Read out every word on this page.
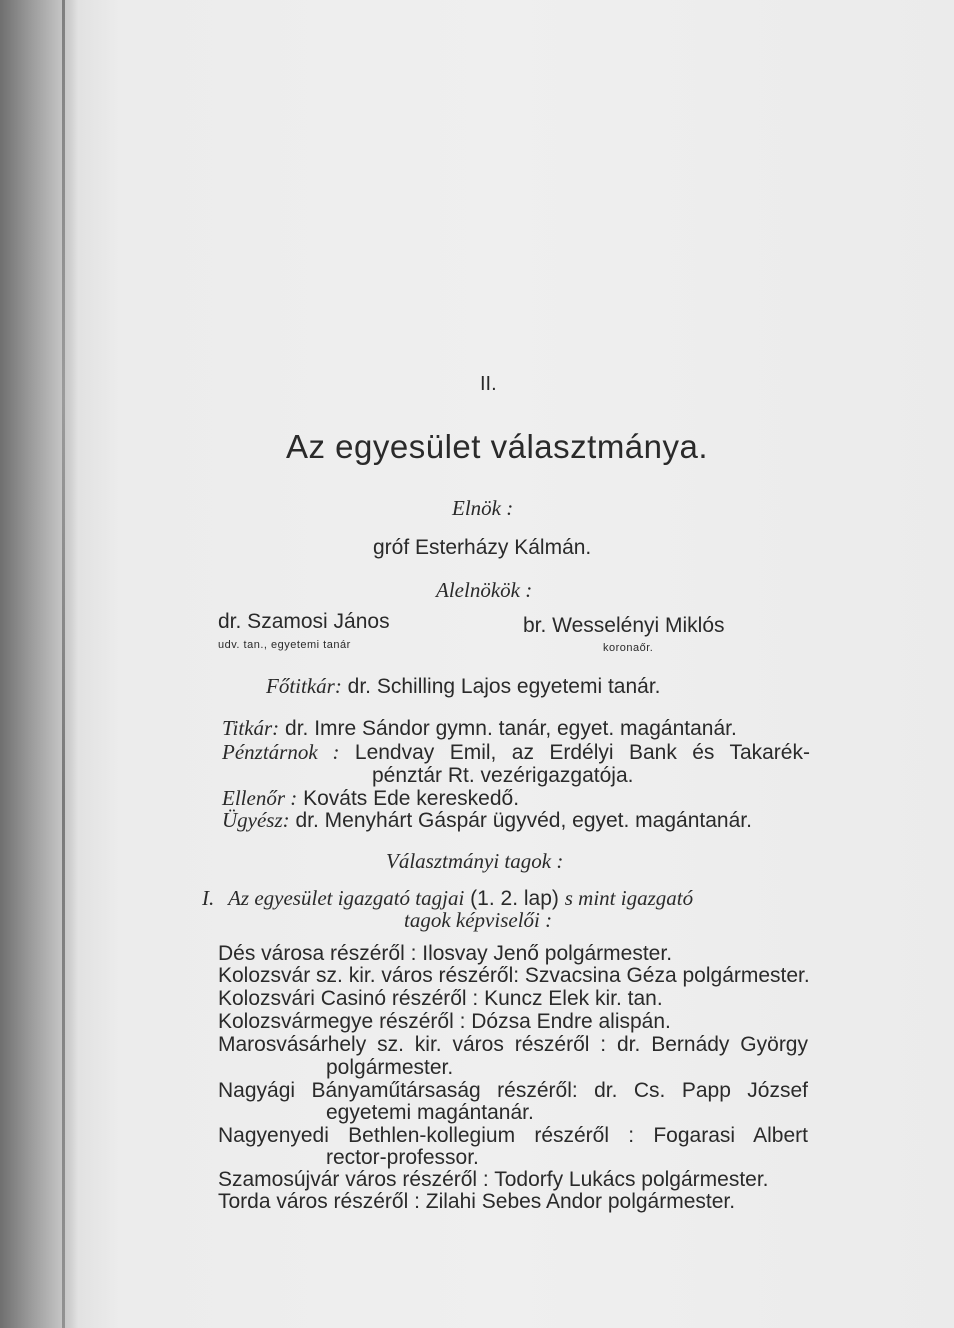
II.
Az egyesület választmánya.
Elnök :
gróf Esterházy Kálmán.
Alelnökök :
dr. Szamosi János
udv. tan., egyetemi tanár
br. Wesselényi Miklós
koronaőr.
Főtitkár: dr. Schilling Lajos egyetemi tanár.
Titkár: dr. Imre Sándor gymn. tanár, egyet. magántanár.
Pénztárnok : Lendvay Emil, az Erdélyi Bank és Takarék-
pénztár Rt. vezérigazgatója.
Ellenőr : Kováts Ede kereskedő.
Ügyész: dr. Menyhárt Gáspár ügyvéd, egyet. magántanár.
Választmányi tagok :
I. Az egyesület igazgató tagjai (1. 2. lap) s mint igazgató
tagok képviselői :
Dés városa részéről : Ilosvay Jenő polgármester.
Kolozsvár sz. kir. város részéről: Szvacsina Géza polgármester.
Kolozsvári Casinó részéről : Kuncz Elek kir. tan.
Kolozsvármegye részéről : Dózsa Endre alispán.
Marosvásárhely sz. kir. város részéről : dr. Bernády György
polgármester.
Nagyági Bányaműtársaság részéről: dr. Cs. Papp József
egyetemi magántanár.
Nagyenyedi Bethlen-kollegium részéről : Fogarasi Albert
rector-professor.
Szamosújvár város részéről : Todorfy Lukács polgármester.
Torda város részéről : Zilahi Sebes Andor polgármester.
